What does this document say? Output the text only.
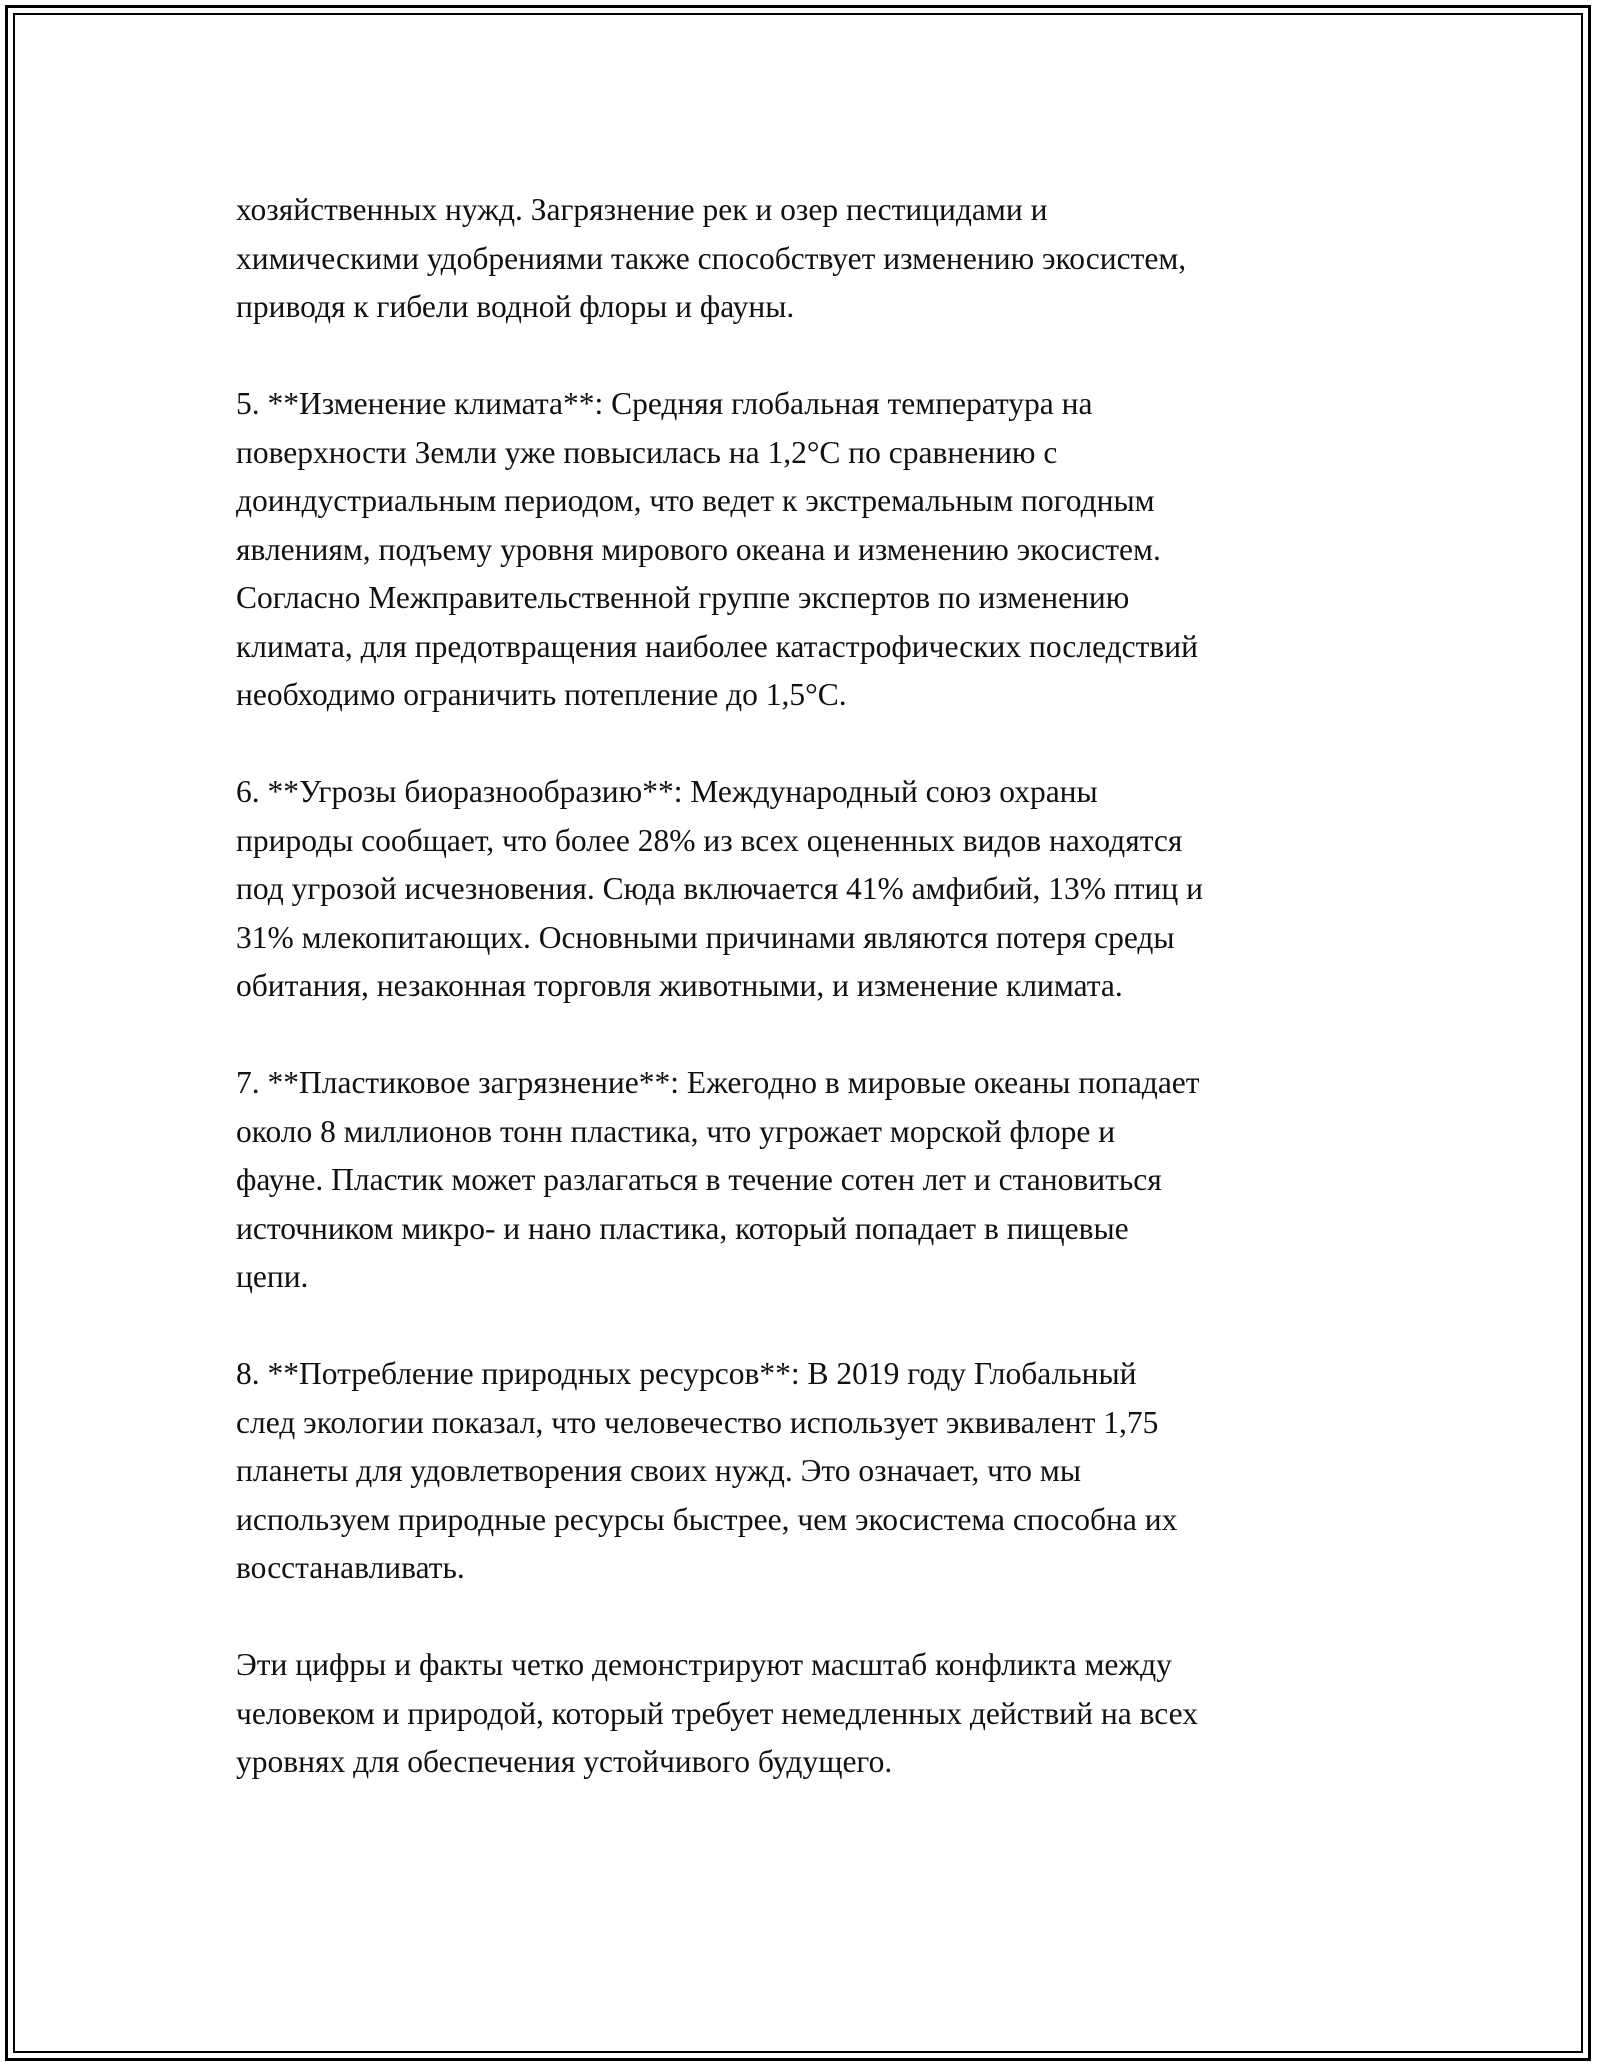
хозяйственных нужд. Загрязнение рек и озер пестицидами и
химическими удобрениями также способствует изменению экосистем,
приводя к гибели водной флоры и фауны.

5. **Изменение климата**: Средняя глобальная температура на
поверхности Земли уже повысилась на 1,2°C по сравнению с
доиндустриальным периодом, что ведет к экстремальным погодным
явлениям, подъему уровня мирового океана и изменению экосистем.
Согласно Межправительственной группе экспертов по изменению
климата, для предотвращения наиболее катастрофических последствий
необходимо ограничить потепление до 1,5°C.

6. **Угрозы биоразнообразию**: Международный союз охраны
природы сообщает, что более 28% из всех оцененных видов находятся
под угрозой исчезновения. Сюда включается 41% амфибий, 13% птиц и
31% млекопитающих. Основными причинами являются потеря среды
обитания, незаконная торговля животными, и изменение климата.

7. **Пластиковое загрязнение**: Ежегодно в мировые океаны попадает
около 8 миллионов тонн пластика, что угрожает морской флоре и
фауне. Пластик может разлагаться в течение сотен лет и становиться
источником микро- и нано пластика, который попадает в пищевые
цепи.

8. **Потребление природных ресурсов**: В 2019 году Глобальный
след экологии показал, что человечество использует эквивалент 1,75
планеты для удовлетворения своих нужд. Это означает, что мы
используем природные ресурсы быстрее, чем экосистема способна их
восстанавливать.

Эти цифры и факты четко демонстрируют масштаб конфликта между
человеком и природой, который требует немедленных действий на всех
уровнях для обеспечения устойчивого будущего.
